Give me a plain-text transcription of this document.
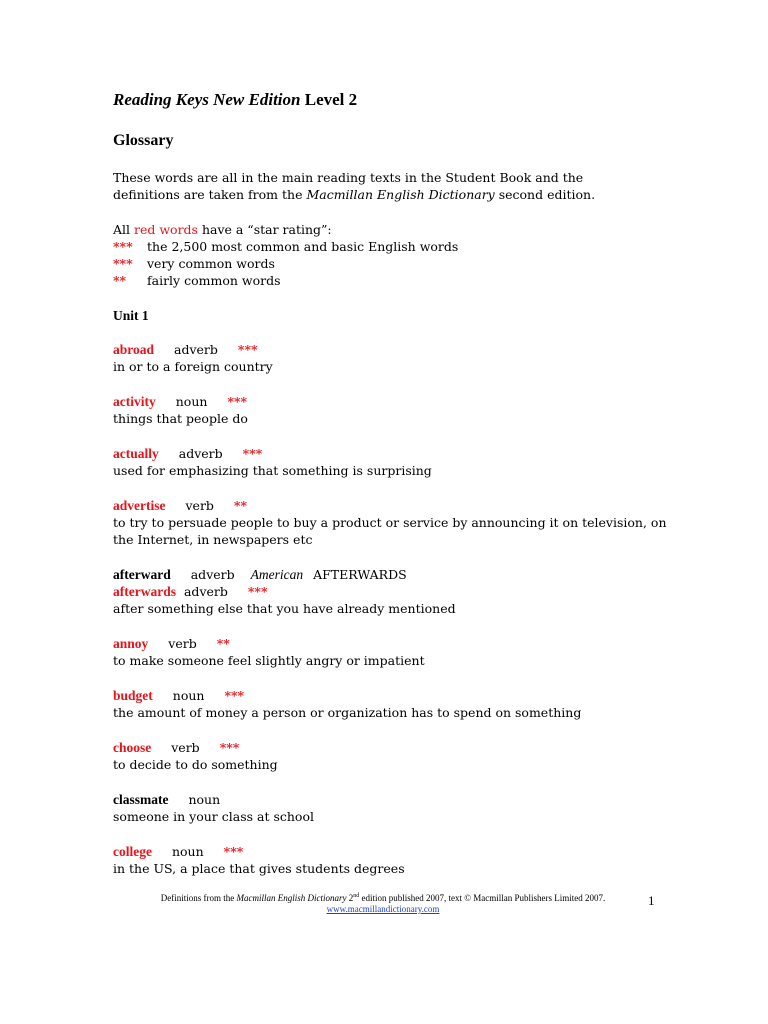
Reading Keys New Edition Level 2
Glossary
These words are all in the main reading texts in the Student Book and the definitions are taken from the Macmillan English Dictionary second edition.
All red words have a “star rating”:
*** the 2,500 most common and basic English words
*** very common words
** fairly common words
Unit 1
abroad adverb ***
in or to a foreign country
activity noun ***
things that people do
actually adverb ***
used for emphasizing that something is surprising
advertise verb **
to try to persuade people to buy a product or service by announcing it on television, on the Internet, in newspapers etc
afterward adverb American AFTERWARDS
afterwards adverb ***
after something else that you have already mentioned
annoy verb **
to make someone feel slightly angry or impatient
budget noun ***
the amount of money a person or organization has to spend on something
choose verb ***
to decide to do something
classmate noun
someone in your class at school
college noun ***
in the US, a place that gives students degrees
Definitions from the Macmillan English Dictionary 2nd edition published 2007, text © Macmillan Publishers Limited 2007.
www.macmillandictionary.com
1
